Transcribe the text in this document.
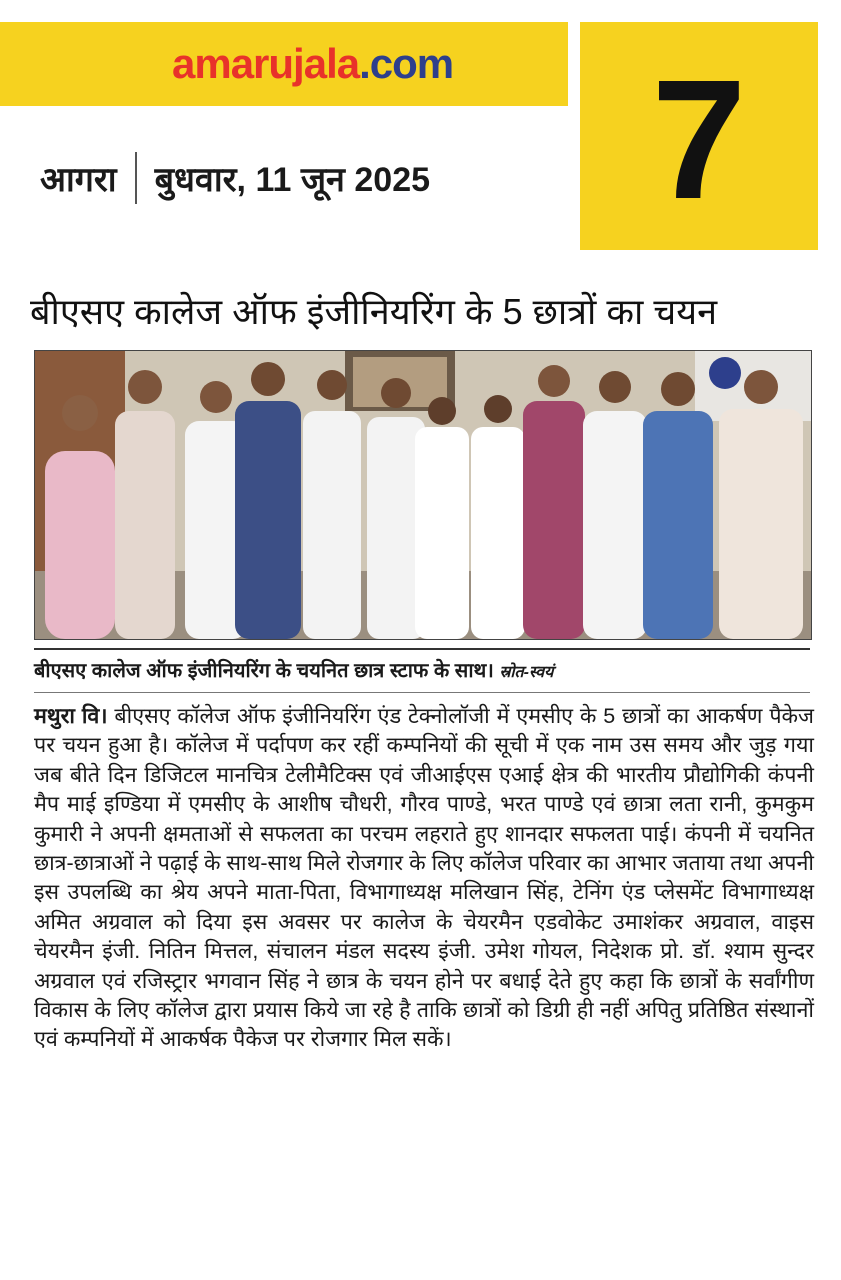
amarujala.com	7
आगरा बुधवार, 11 जून 2025
बीएसए कालेज ऑफ इंजीनियरिंग के 5 छात्रों का चयन
बीएसए कालेज ऑफ इंजीनियरिंग के चयनित छात्र स्टाफ के साथ। स्रोत-स्वयं
मथुरा वि। बीएसए कॉलेज ऑफ इंजीनियरिंग एंड टेक्नोलॉजी में एमसीए के 5 छात्रों का आकर्षण पैकेज पर चयन हुआ है। कॉलेज में पर्दापण कर रहीं कम्पनियों की सूची में एक नाम उस समय और जुड़ गया जब बीते दिन डिजिटल मानचित्र टेलीमैटिक्स एवं जीआईएस एआई क्षेत्र की भारतीय प्रौद्योगिकी कंपनी मैप माई इण्डिया में एमसीए के आशीष चौधरी, गौरव पाण्डे, भरत पाण्डे एवं छात्रा लता रानी, कुमकुम कुमारी ने अपनी क्षमताओं से सफलता का परचम लहराते हुए शानदार सफलता पाई। कंपनी में चयनित छात्र-छात्राओं ने पढ़ाई के साथ-साथ मिले रोजगार के लिए कॉलेज परिवार का आभार जताया तथा अपनी इस उपलब्धि का श्रेय अपने माता-पिता, विभागाध्यक्ष मलिखान सिंह, टेनिंग एंड प्लेसमेंट विभागाध्यक्ष अमित अग्रवाल को दिया इस अवसर पर कालेज के चेयरमैन एडवोकेट उमाशंकर अग्रवाल, वाइस चेयरमैन इंजी. नितिन मित्तल, संचालन मंडल सदस्य इंजी. उमेश गोयल, निदेशक प्रो. डॉ. श्याम सुन्दर अग्रवाल एवं रजिस्ट्रार भगवान सिंह ने छात्र के चयन होने पर बधाई देते हुए कहा कि छात्रों के सर्वांगीण विकास के लिए कॉलेज द्वारा प्रयास किये जा रहे है ताकि छात्रों को डिग्री ही नहीं अपितु प्रतिष्ठित संस्थानों एवं कम्पनियों में आकर्षक पैकेज पर रोजगार मिल सकें।
